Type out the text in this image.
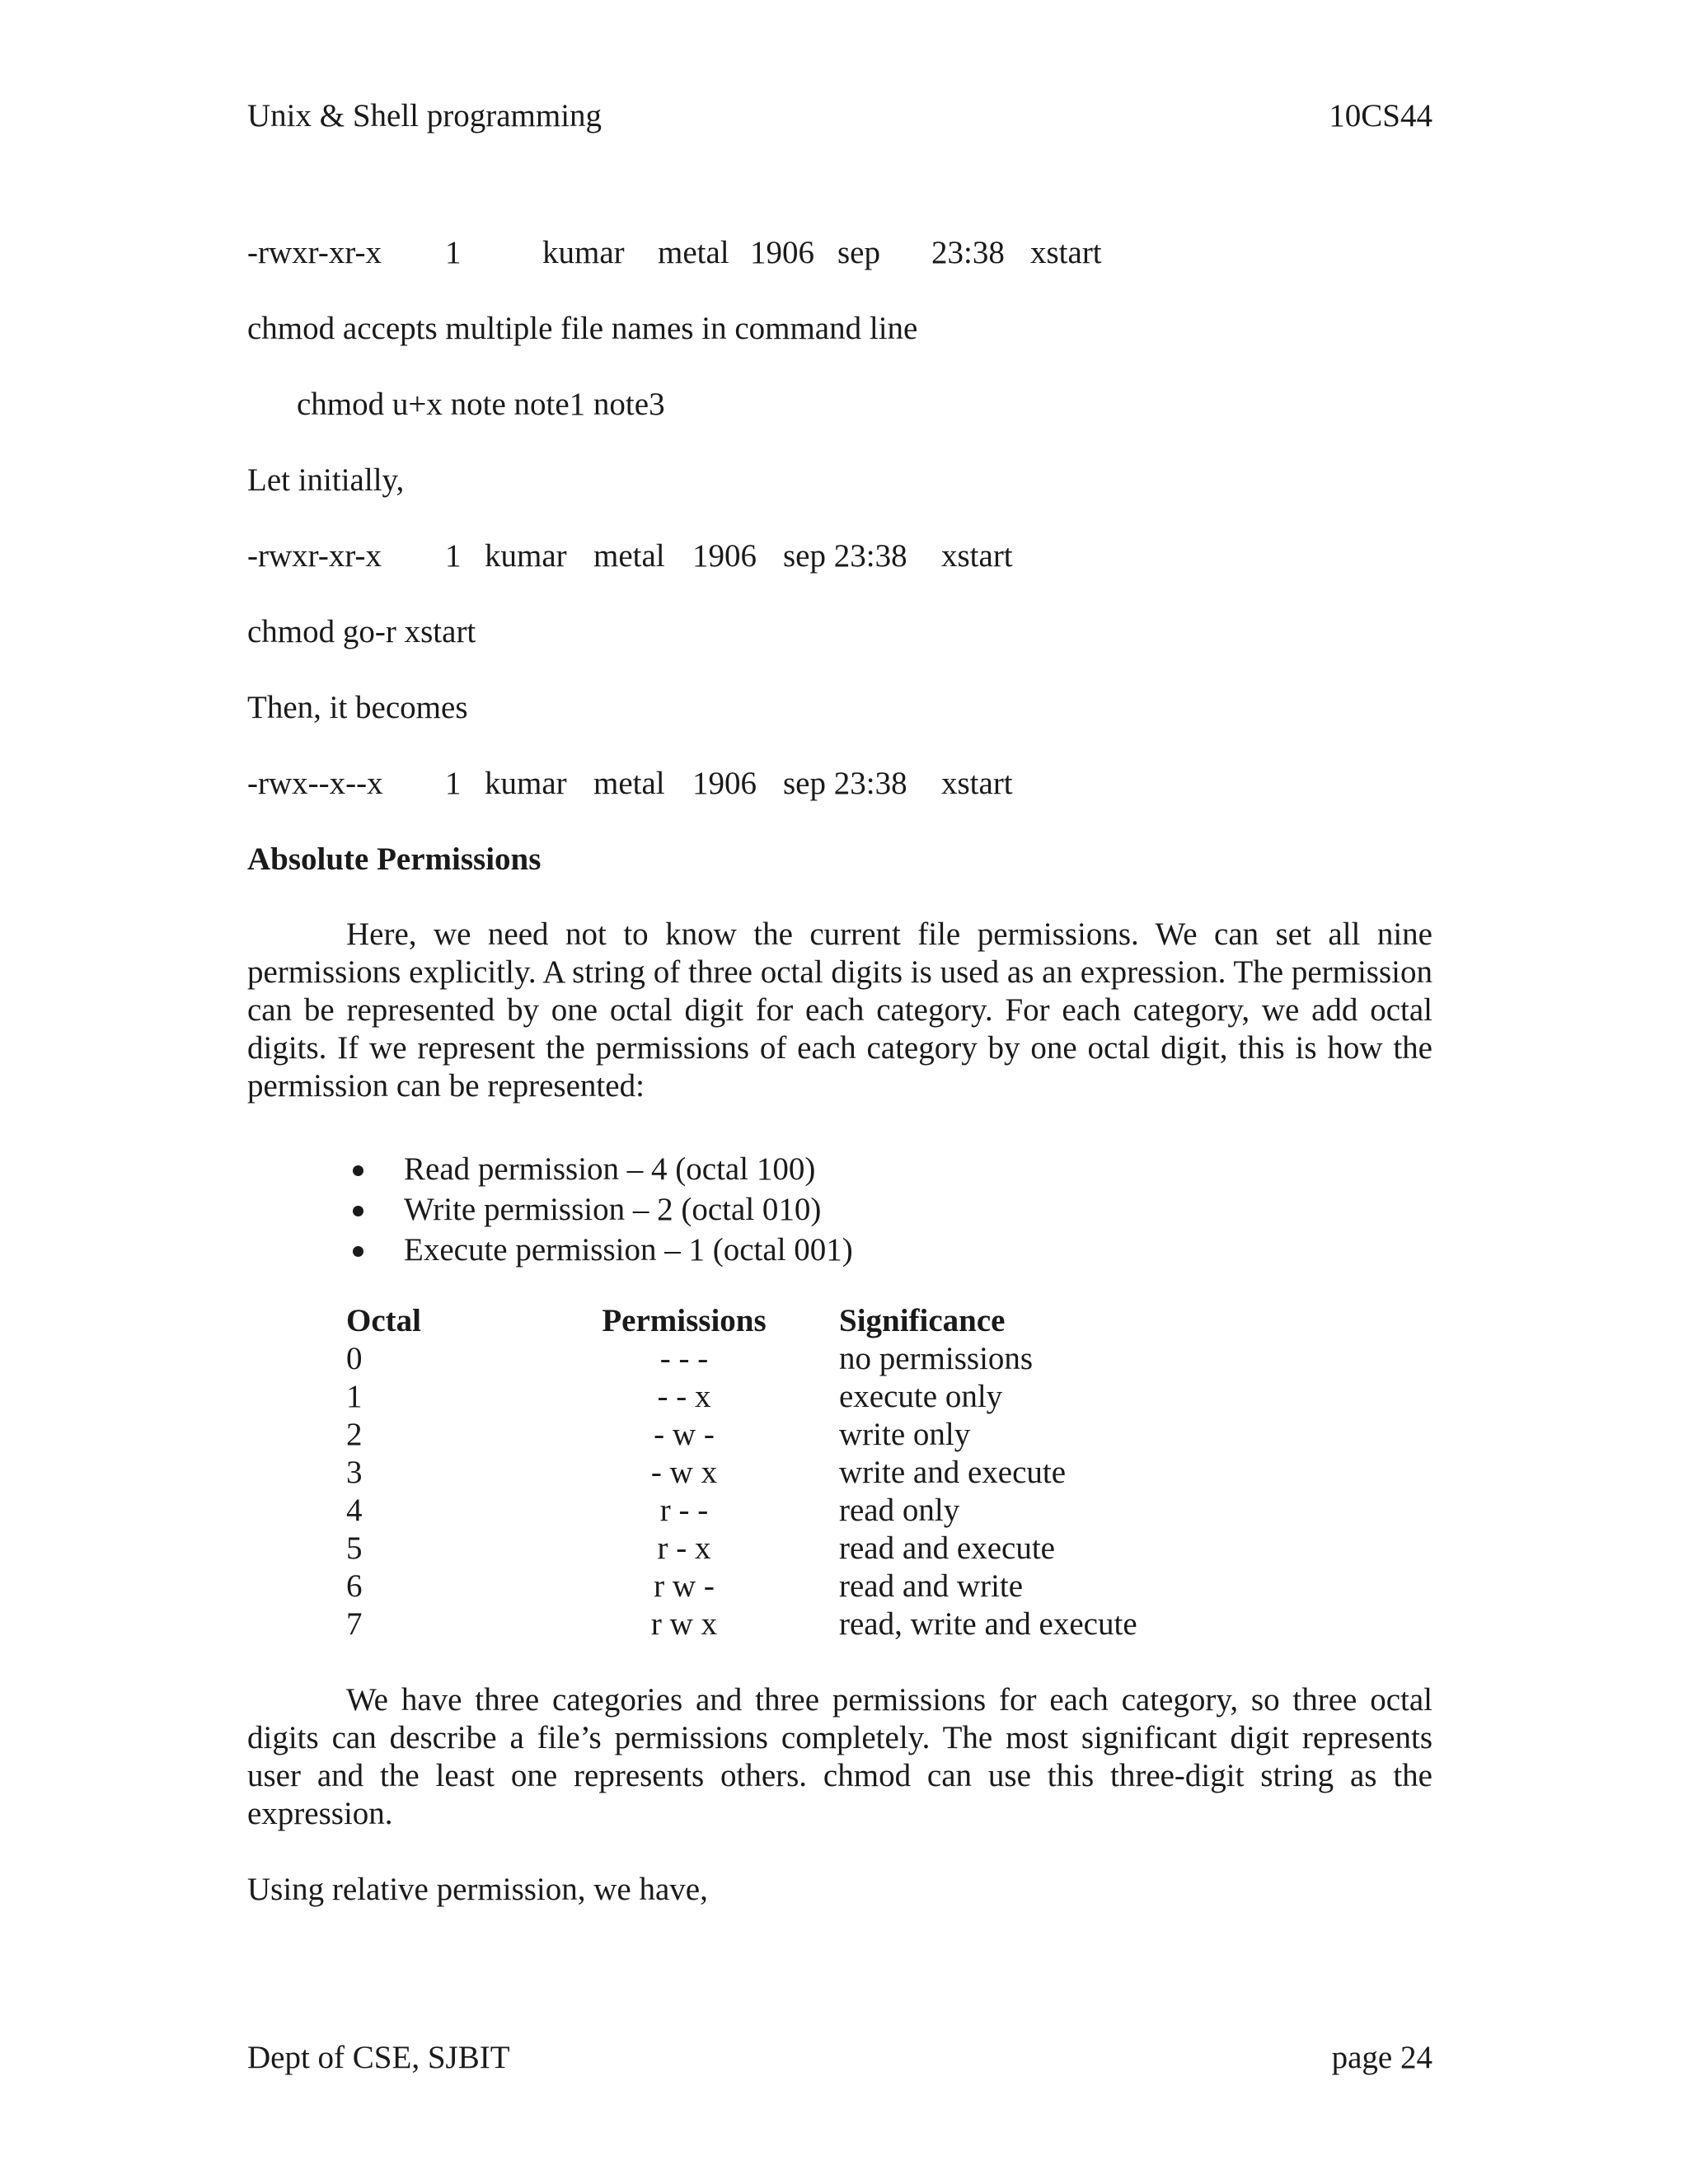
Unix & Shell programming	10CS44
-rwxr-xr-x 1	kumar metal 1906 sep 23:38 xstart
chmod accepts multiple file names in command line
chmod u+x note note1 note3
Let initially,
-rwxr-xr-x 1 kumar metal 1906 sep 23:38 xstart
chmod go-r xstart
Then, it becomes
-rwx--x--x 1 kumar metal 1906 sep 23:38 xstart
Absolute Permissions
Here, we need not to know the current file permissions. We can set all nine permissions explicitly. A string of three octal digits is used as an expression. The permission can be represented by one octal digit for each category. For each category, we add octal digits. If we represent the permissions of each category by one octal digit, this is how the permission can be represented:
Read permission – 4 (octal 100)
Write permission – 2 (octal 010)
Execute permission – 1 (octal 001)
Octal	Permissions Significance
0	- - -	no permissions
1	- - x	execute only
2	- w -	write only
3	- w x	write and execute
4	r - -	read only
5	r - x	read and execute
6	r w -	read and write
7	r w x	read, write and execute
We have three categories and three permissions for each category, so three octal digits can describe a file’s permissions completely. The most significant digit represents user and the least one represents others. chmod can use this three-digit string as the expression.
Using relative permission, we have,
Dept of CSE, SJBIT	page 24
